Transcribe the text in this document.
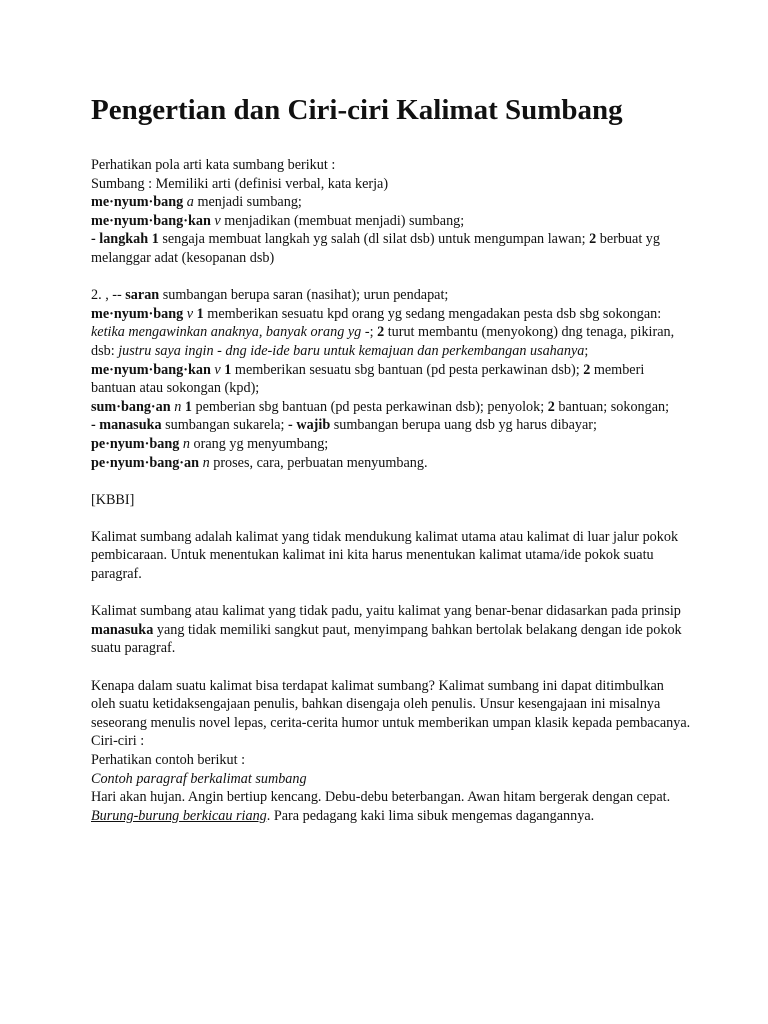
Pengertian dan Ciri-ciri Kalimat Sumbang
Perhatikan pola arti kata sumbang berikut :
Sumbang : Memiliki arti (definisi verbal, kata kerja)
me·nyum·bang a menjadi sumbang;
me·nyum·bang·kan v menjadikan (membuat menjadi) sumbang;
- langkah 1 sengaja membuat langkah yg salah (dl silat dsb) untuk mengumpan lawan; 2 berbuat yg melanggar adat (kesopanan dsb)
2. , -- saran sumbangan berupa saran (nasihat); urun pendapat;
me·nyum·bang v 1 memberikan sesuatu kpd orang yg sedang mengadakan pesta dsb sbg sokongan: ketika mengawinkan anaknya, banyak orang yg -; 2 turut membantu (menyokong) dng tenaga, pikiran, dsb: justru saya ingin - dng ide-ide baru untuk kemajuan dan perkembangan usahanya;
me·nyum·bang·kan v 1 memberikan sesuatu sbg bantuan (pd pesta perkawinan dsb); 2 memberi bantuan atau sokongan (kpd);
sum·bang·an n 1 pemberian sbg bantuan (pd pesta perkawinan dsb); penyolok; 2 bantuan; sokongan;
- manasuka sumbangan sukarela; - wajib sumbangan berupa uang dsb yg harus dibayar;
pe·nyum·bang n orang yg menyumbang;
pe·nyum·bang·an n proses, cara, perbuatan menyumbang.
[KBBI]
Kalimat sumbang adalah kalimat yang tidak mendukung kalimat utama atau kalimat di luar jalur pokok pembicaraan. Untuk menentukan kalimat ini kita harus menentukan kalimat utama/ide pokok suatu paragraf.
Kalimat sumbang atau kalimat yang tidak padu, yaitu kalimat yang benar-benar didasarkan pada prinsip manasuka yang tidak memiliki sangkut paut, menyimpang bahkan bertolak belakang dengan ide pokok suatu paragraf.
Kenapa dalam suatu kalimat bisa terdapat kalimat sumbang? Kalimat sumbang ini dapat ditimbulkan oleh suatu ketidaksengajaan penulis, bahkan disengaja oleh penulis. Unsur kesengajaan ini misalnya seseorang menulis novel lepas, cerita-cerita humor untuk memberikan umpan klasik kepada pembacanya.
Ciri-ciri :
Perhatikan contoh berikut :
Contoh paragraf berkalimat sumbang
Hari akan hujan. Angin bertiup kencang. Debu-debu beterbangan. Awan hitam bergerak dengan cepat. Burung-burung berkicau riang. Para pedagang kaki lima sibuk mengemas dagangannya.
